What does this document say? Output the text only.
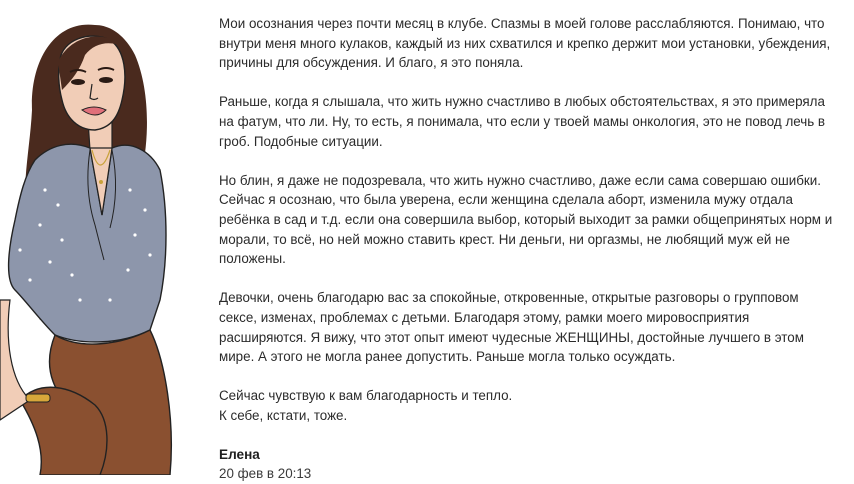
Мои осознания через почти месяц в клубе. Спазмы в моей голове расслабляются. Понимаю, что внутри меня много кулаков, каждый из них схватился и крепко держит мои установки, убеждения, причины для обсуждения. И благо, я это поняла.

Раньше, когда я слышала, что жить нужно счастливо в любых обстоятельствах, я это примеряла на фатум, что ли. Ну, то есть, я понимала, что если у твоей мамы онкология, это не повод лечь в гроб. Подобные ситуации.

Но блин, я даже не подозревала, что жить нужно счастливо, даже если сама совершаю ошибки. Сейчас я осознаю, что была уверена, если женщина сделала аборт, изменила мужу отдала ребёнка в сад и т.д. если она совершила выбор, который выходит за рамки общепринятых норм и морали, то всё, но ней можно ставить крест. Ни деньги, ни оргазмы, не любящий муж ей не положены.

Девочки, очень благодарю вас за спокойные, откровенные, открытые разговоры о групповом сексе, изменах, проблемах с детьми. Благодаря этому, рамки моего мировосприятия расширяются. Я вижу, что этот опыт имеют чудесные ЖЕНЩИНЫ, достойные лучшего в этом мире. А этого не могла ранее допустить. Раньше могла только осуждать.

Сейчас чувствую к вам благодарность и тепло.
К себе, кстати, тоже.

Елена
20 фев в 20:13
